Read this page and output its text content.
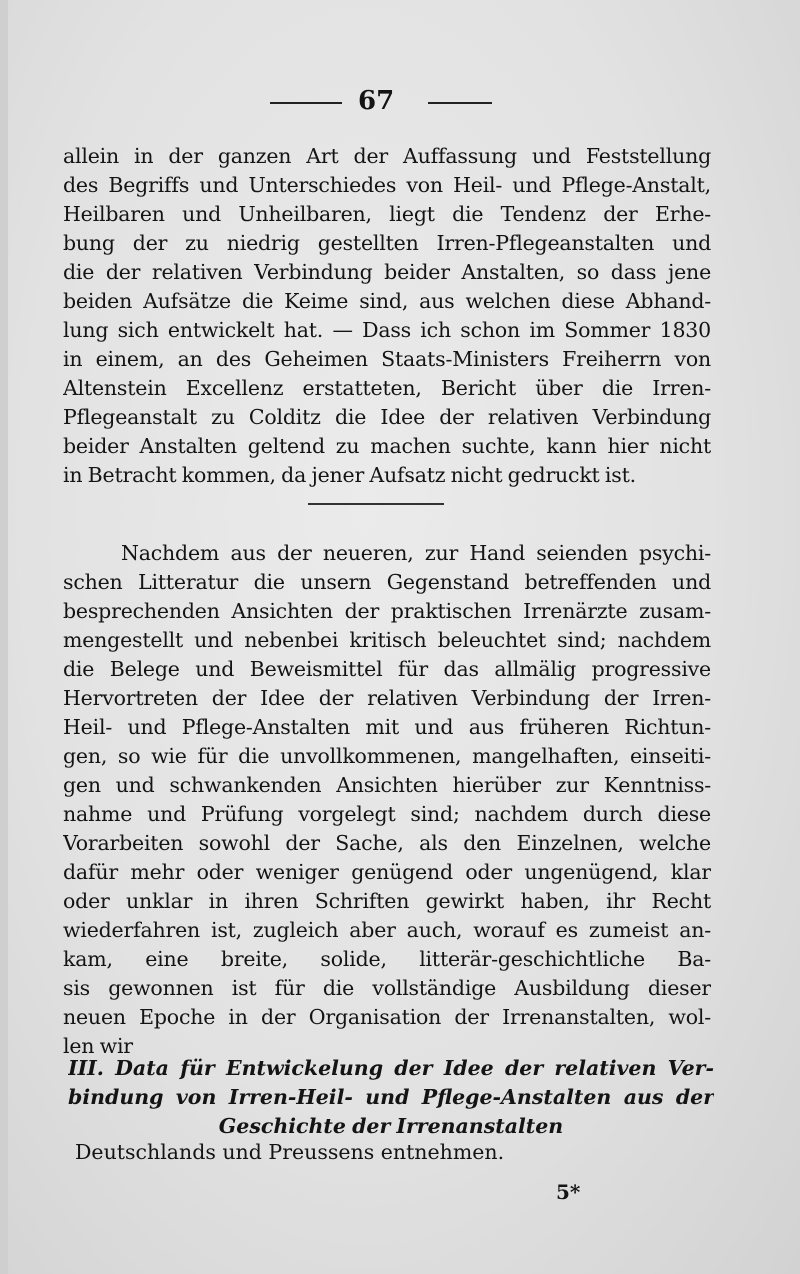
67
allein in der ganzen Art der Auffassung und Feststellung
des Begriffs und Unterschiedes von Heil- und Pflege-Anstalt,
Heilbaren und Unheilbaren, liegt die Tendenz der Erhe-
bung der zu niedrig gestellten Irren-Pflegeanstalten und
die der relativen Verbindung beider Anstalten, so dass jene
beiden Aufsätze die Keime sind, aus welchen diese Abhand-
lung sich entwickelt hat. — Dass ich schon im Sommer 1830
in einem, an des Geheimen Staats-Ministers Freiherrn von
Altenstein Excellenz erstatteten, Bericht über die Irren-
Pflegeanstalt zu Colditz die Idee der relativen Verbindung
beider Anstalten geltend zu machen suchte, kann hier nicht
in Betracht kommen, da jener Aufsatz nicht gedruckt ist.
Nachdem aus der neueren, zur Hand seienden psychi-
schen Litteratur die unsern Gegenstand betreffenden und
besprechenden Ansichten der praktischen Irrenärzte zusam-
mengestellt und nebenbei kritisch beleuchtet sind; nachdem
die Belege und Beweismittel für das allmälig progressive
Hervortreten der Idee der relativen Verbindung der Irren-
Heil- und Pflege-Anstalten mit und aus früheren Richtun-
gen, so wie für die unvollkommenen, mangelhaften, einseiti-
gen und schwankenden Ansichten hierüber zur Kenntniss-
nahme und Prüfung vorgelegt sind; nachdem durch diese
Vorarbeiten sowohl der Sache, als den Einzelnen, welche
dafür mehr oder weniger genügend oder ungenügend, klar
oder unklar in ihren Schriften gewirkt haben, ihr Recht
wiederfahren ist, zugleich aber auch, worauf es zumeist an-
kam, eine breite, solide, litterär-geschichtliche Ba-
sis gewonnen ist für die vollständige Ausbildung dieser
neuen Epoche in der Organisation der Irrenanstalten, wol-
len wir
III. Data für Entwickelung der Idee der relativen Ver-
bindung von Irren-Heil- und Pflege-Anstalten aus der
Geschichte der Irrenanstalten
Deutschlands und Preussens entnehmen.
5*
